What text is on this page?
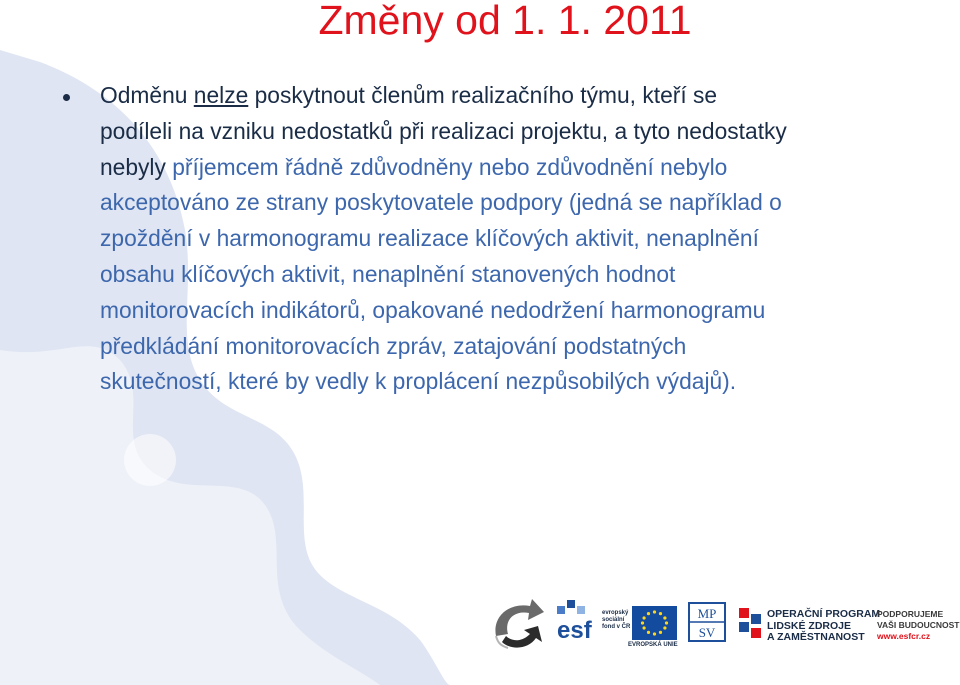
Změny od 1. 1. 2011

Odměnu nelze poskytnout členům realizačního týmu, kteří se
podíleli na vzniku nedostatků při realizaci projektu, a tyto nedostatky
nebyly příjemcem řádně zdůvodněny nebo zdůvodnění nebylo
akceptováno ze strany poskytovatele podpory (jedná se například o
zpoždění v harmonogramu realizace klíčových aktivit, nenaplnění
obsahu klíčových aktivit, nenaplnění stanovených hodnot
monitorovacích indikátorů, opakované nedodržení harmonogramu
předkládání monitorovacích zpráv, zatajování podstatných
skutečností, které by vedly k proplácení nezpůsobilých výdajů).

esf
evropský
sociální
fond v ČR
EVROPSKÁ UNIE
MP
SV
OPERAČNÍ PROGRAM
LIDSKÉ ZDROJE
A ZAMĚSTNANOST
PODPORUJEME
VAŠI BUDOUCNOST
www.esfcr.cz
